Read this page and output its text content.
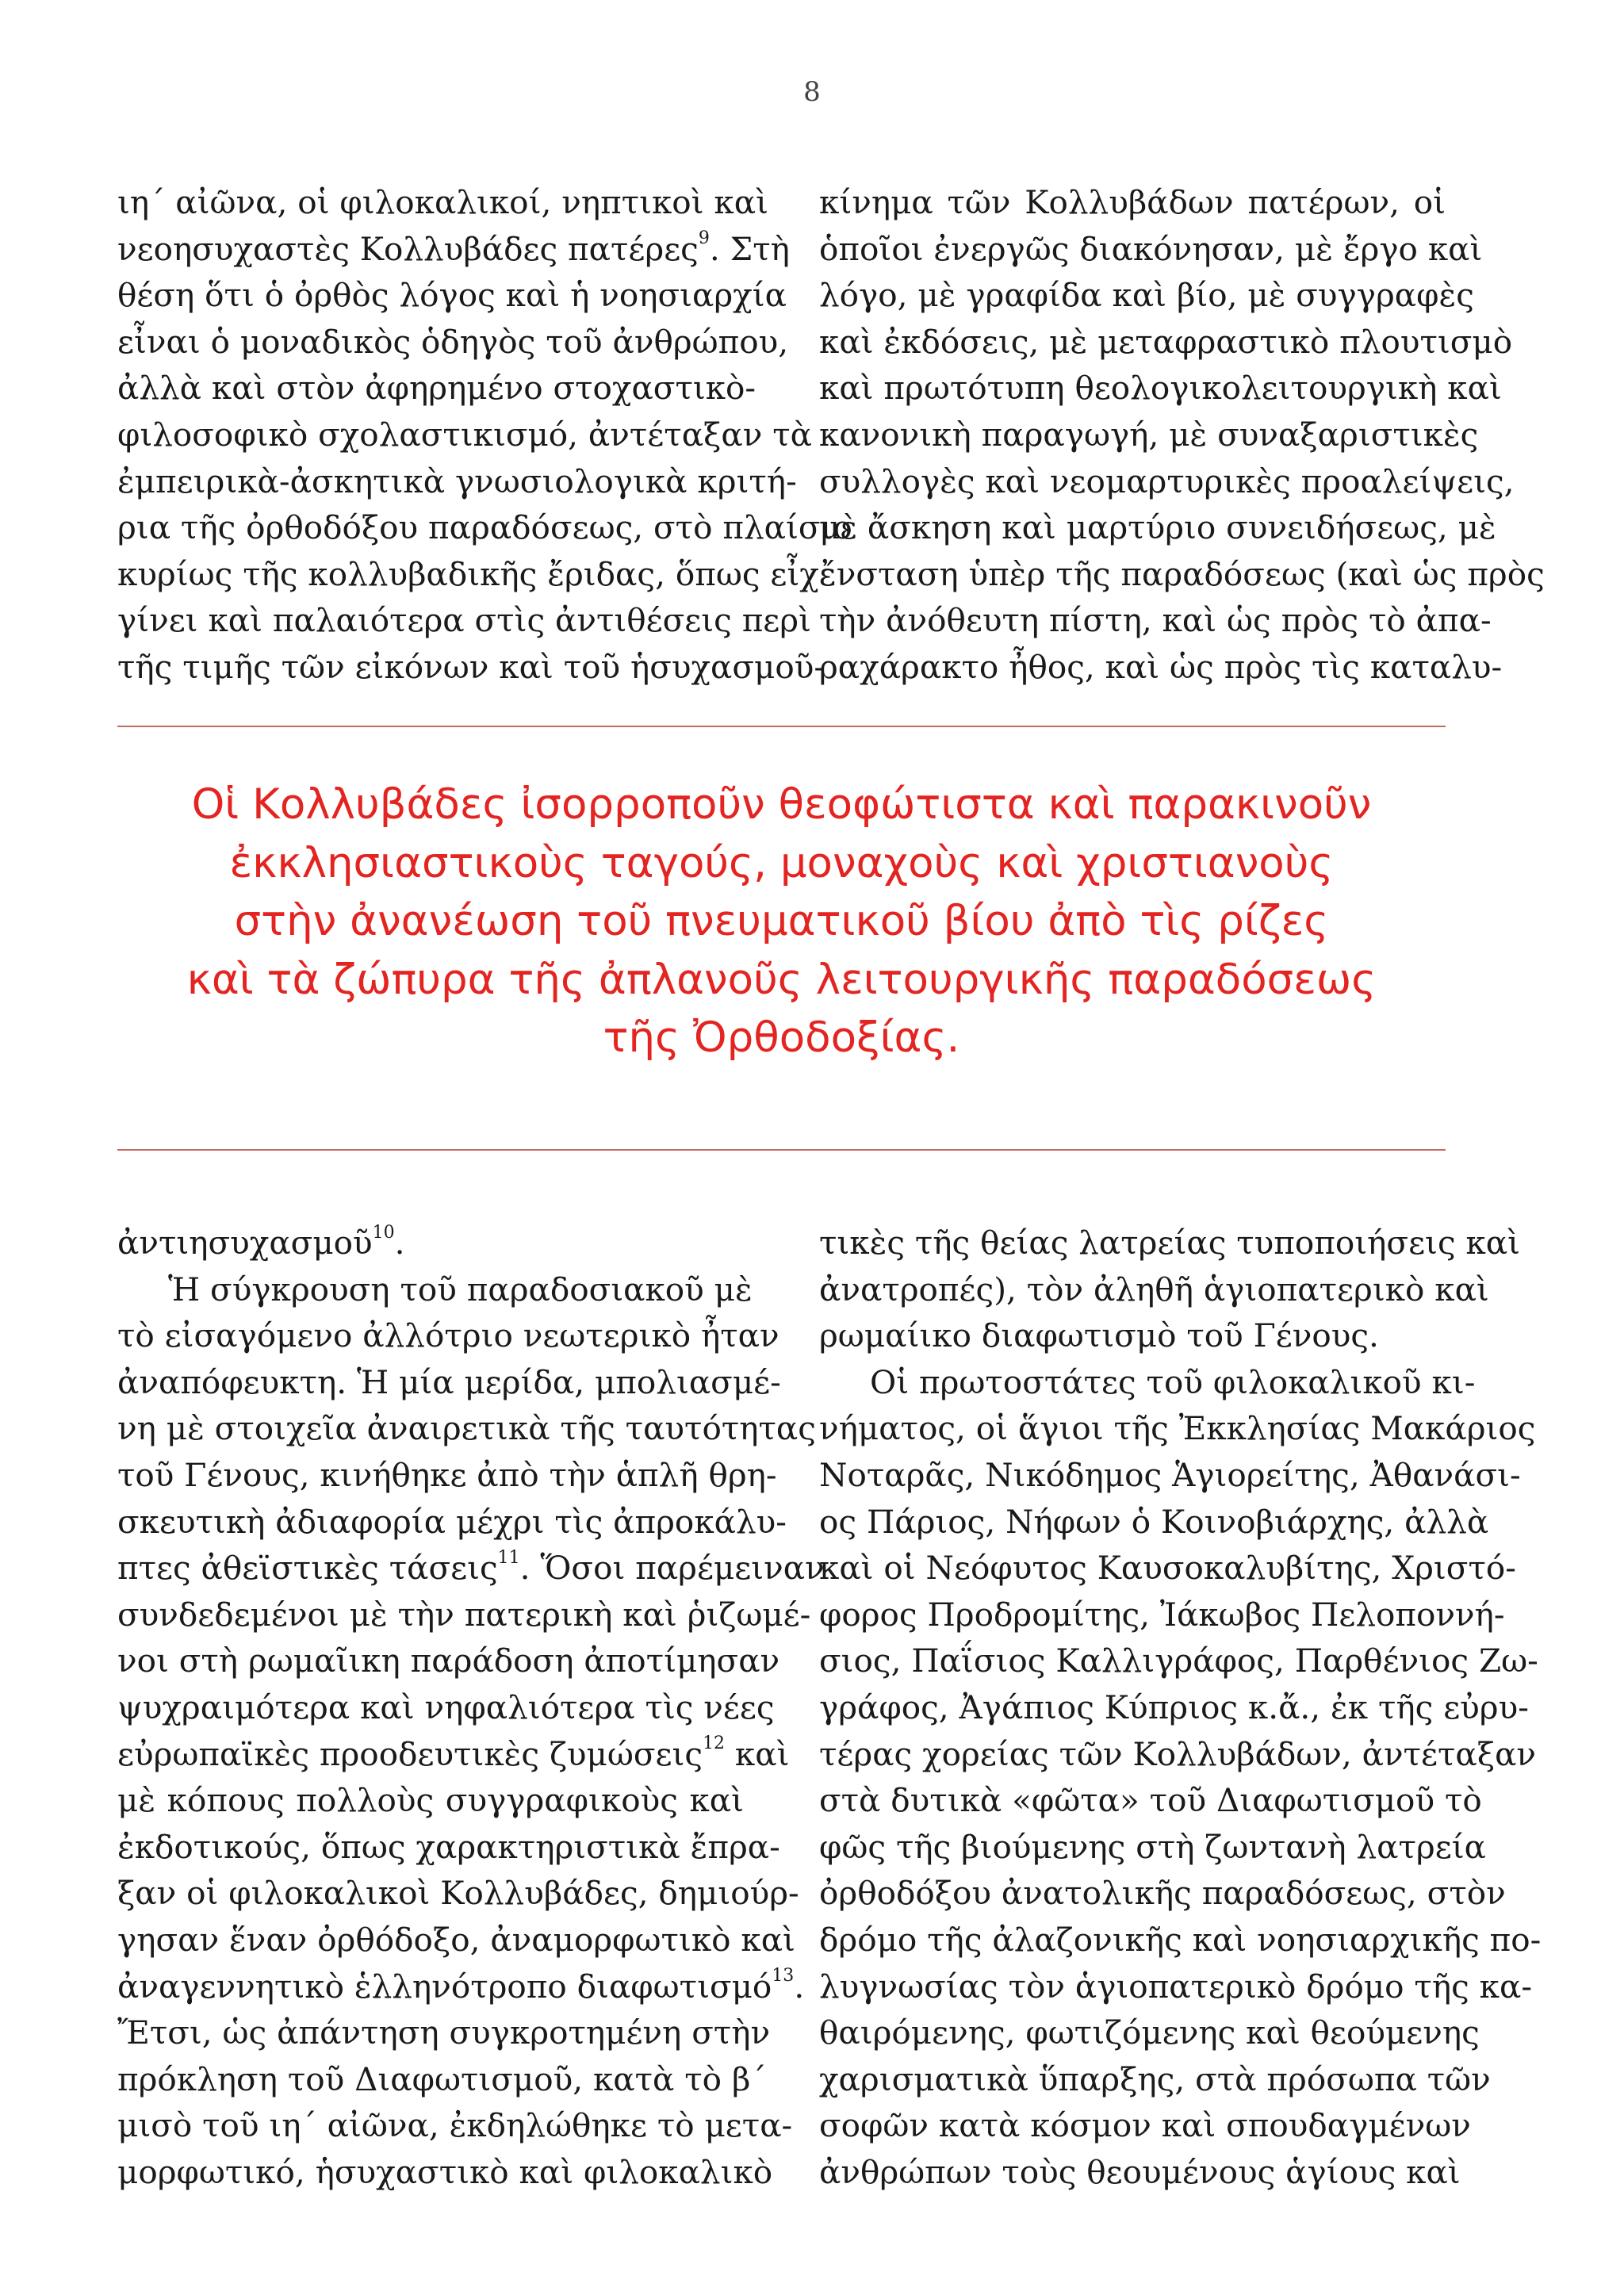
8
ιη΄ αἰῶνα, οἱ φιλοκαλικοί, νηπτικοὶ καὶ
νεοησυχαστὲς Κολλυβάδες πατέρες$^9$. Στὴ
θέση ὅτι ὁ ὀρθὸς λόγος καὶ ἡ νοησιαρχία
εἶναι ὁ μοναδικὸς ὁδηγὸς τοῦ ἀνθρώπου,
ἀλλὰ καὶ στὸν ἀφηρημένο στοχαστικὸ-
φιλοσοφικὸ σχολαστικισμό, ἀντέταξαν τὰ
ἐμπειρικὰ-ἀσκητικὰ γνωσιολογικὰ κριτή-
ρια τῆς ὀρθοδόξου παραδόσεως, στὸ πλαίσιο
κυρίως τῆς κολλυβαδικῆς ἔριδας, ὅπως εἶχε
γίνει καὶ παλαιότερα στὶς ἀντιθέσεις περὶ
τῆς τιμῆς τῶν εἰκόνων καὶ τοῦ ἡσυχασμοῦ-
κίνημα τῶν Κολλυβάδων πατέρων, οἱ
ὁποῖοι ἐνεργῶς διακόνησαν, μὲ ἔργο καὶ
λόγο, μὲ γραφίδα καὶ βίο, μὲ συγγραφὲς
καὶ ἐκδόσεις, μὲ μεταφραστικὸ πλουτισμὸ
καὶ πρωτότυπη θεολογικολειτουργικὴ καὶ
κανονικὴ παραγωγή, μὲ συναξαριστικὲς
συλλογὲς καὶ νεομαρτυρικὲς προαλείψεις,
μὲ ἄσκηση καὶ μαρτύριο συνειδήσεως, μὲ
ἔνσταση ὑπὲρ τῆς παραδόσεως (καὶ ὡς πρὸς
τὴν ἀνόθευτη πίστη, καὶ ὡς πρὸς τὸ ἀπα-
ραχάρακτο ἦθος, καὶ ὡς πρὸς τὶς καταλυ-
Οἱ Κολλυβάδες ἰσορροποῦν θεοφώτιστα καὶ παρακινοῦν
ἐκκλησιαστικοὺς ταγούς, μοναχοὺς καὶ χριστιανοὺς
στὴν ἀνανέωση τοῦ πνευματικοῦ βίου ἀπὸ τὶς ρίζες
καὶ τὰ ζώπυρα τῆς ἀπλανοῦς λειτουργικῆς παραδόσεως
τῆς Ὀρθοδοξίας.
ἀντιησυχασμοῦ$^{10}$.
Ἡ σύγκρουση τοῦ παραδοσιακοῦ μὲ
τὸ εἰσαγόμενο ἀλλότριο νεωτερικὸ ἦταν
ἀναπόφευκτη. Ἡ μία μερίδα, μπολιασμέ-
νη μὲ στοιχεῖα ἀναιρετικὰ τῆς ταυτότητας
τοῦ Γένους, κινήθηκε ἀπὸ τὴν ἁπλῆ θρη-
σκευτικὴ ἀδιαφορία μέχρι τὶς ἀπροκάλυ-
πτες ἀθεϊστικὲς τάσεις$^{11}$. Ὅσοι παρέμειναν
συνδεδεμένοι μὲ τὴν πατερικὴ καὶ ῥιζωμέ-
νοι στὴ ρωμαῖικη παράδοση ἀποτίμησαν
ψυχραιμότερα καὶ νηφαλιότερα τὶς νέες
εὐρωπαϊκὲς προοδευτικὲς ζυμώσεις$^{12}$ καὶ
μὲ κόπους πολλοὺς συγγραφικοὺς καὶ
ἐκδοτικούς, ὅπως χαρακτηριστικὰ ἔπρα-
ξαν οἱ φιλοκαλικοὶ Κολλυβάδες, δημιούρ-
γησαν ἕναν ὀρθόδοξο, ἀναμορφωτικὸ καὶ
ἀναγεννητικὸ ἑλληνότροπο διαφωτισμό$^{13}$.
Ἔτσι, ὡς ἀπάντηση συγκροτημένη στὴν
πρόκληση τοῦ Διαφωτισμοῦ, κατὰ τὸ β΄
μισὸ τοῦ ιη΄ αἰῶνα, ἐκδηλώθηκε τὸ μετα-
μορφωτικό, ἡσυχαστικὸ καὶ φιλοκαλικὸ
τικὲς τῆς θείας λατρείας τυποποιήσεις καὶ
ἀνατροπές), τὸν ἀληθῆ ἁγιοπατερικὸ καὶ
ρωμαίικο διαφωτισμὸ τοῦ Γένους.
Οἱ πρωτοστάτες τοῦ φιλοκαλικοῦ κι-
νήματος, οἱ ἅγιοι τῆς Ἐκκλησίας Μακάριος
Νοταρᾶς, Νικόδημος Ἁγιορείτης, Ἀθανάσι-
ος Πάριος, Νήφων ὁ Κοινοβιάρχης, ἀλλὰ
καὶ οἱ Νεόφυτος Καυσοκαλυβίτης, Χριστό-
φορος Προδρομίτης, Ἰάκωβος Πελοποννή-
σιος, Παΐσιος Καλλιγράφος, Παρθένιος Ζω-
γράφος, Ἀγάπιος Κύπριος κ.ἄ., ἐκ τῆς εὐρυ-
τέρας χορείας τῶν Κολλυβάδων, ἀντέταξαν
στὰ δυτικὰ «φῶτα» τοῦ Διαφωτισμοῦ τὸ
φῶς τῆς βιούμενης στὴ ζωντανὴ λατρεία
ὀρθοδόξου ἀνατολικῆς παραδόσεως, στὸν
δρόμο τῆς ἀλαζονικῆς καὶ νοησιαρχικῆς πο-
λυγνωσίας τὸν ἁγιοπατερικὸ δρόμο τῆς κα-
θαιρόμενης, φωτιζόμενης καὶ θεούμενης
χαρισματικὰ ὕπαρξης, στὰ πρόσωπα τῶν
σοφῶν κατὰ κόσμον καὶ σπουδαγμένων
ἀνθρώπων τοὺς θεουμένους ἁγίους καὶ
